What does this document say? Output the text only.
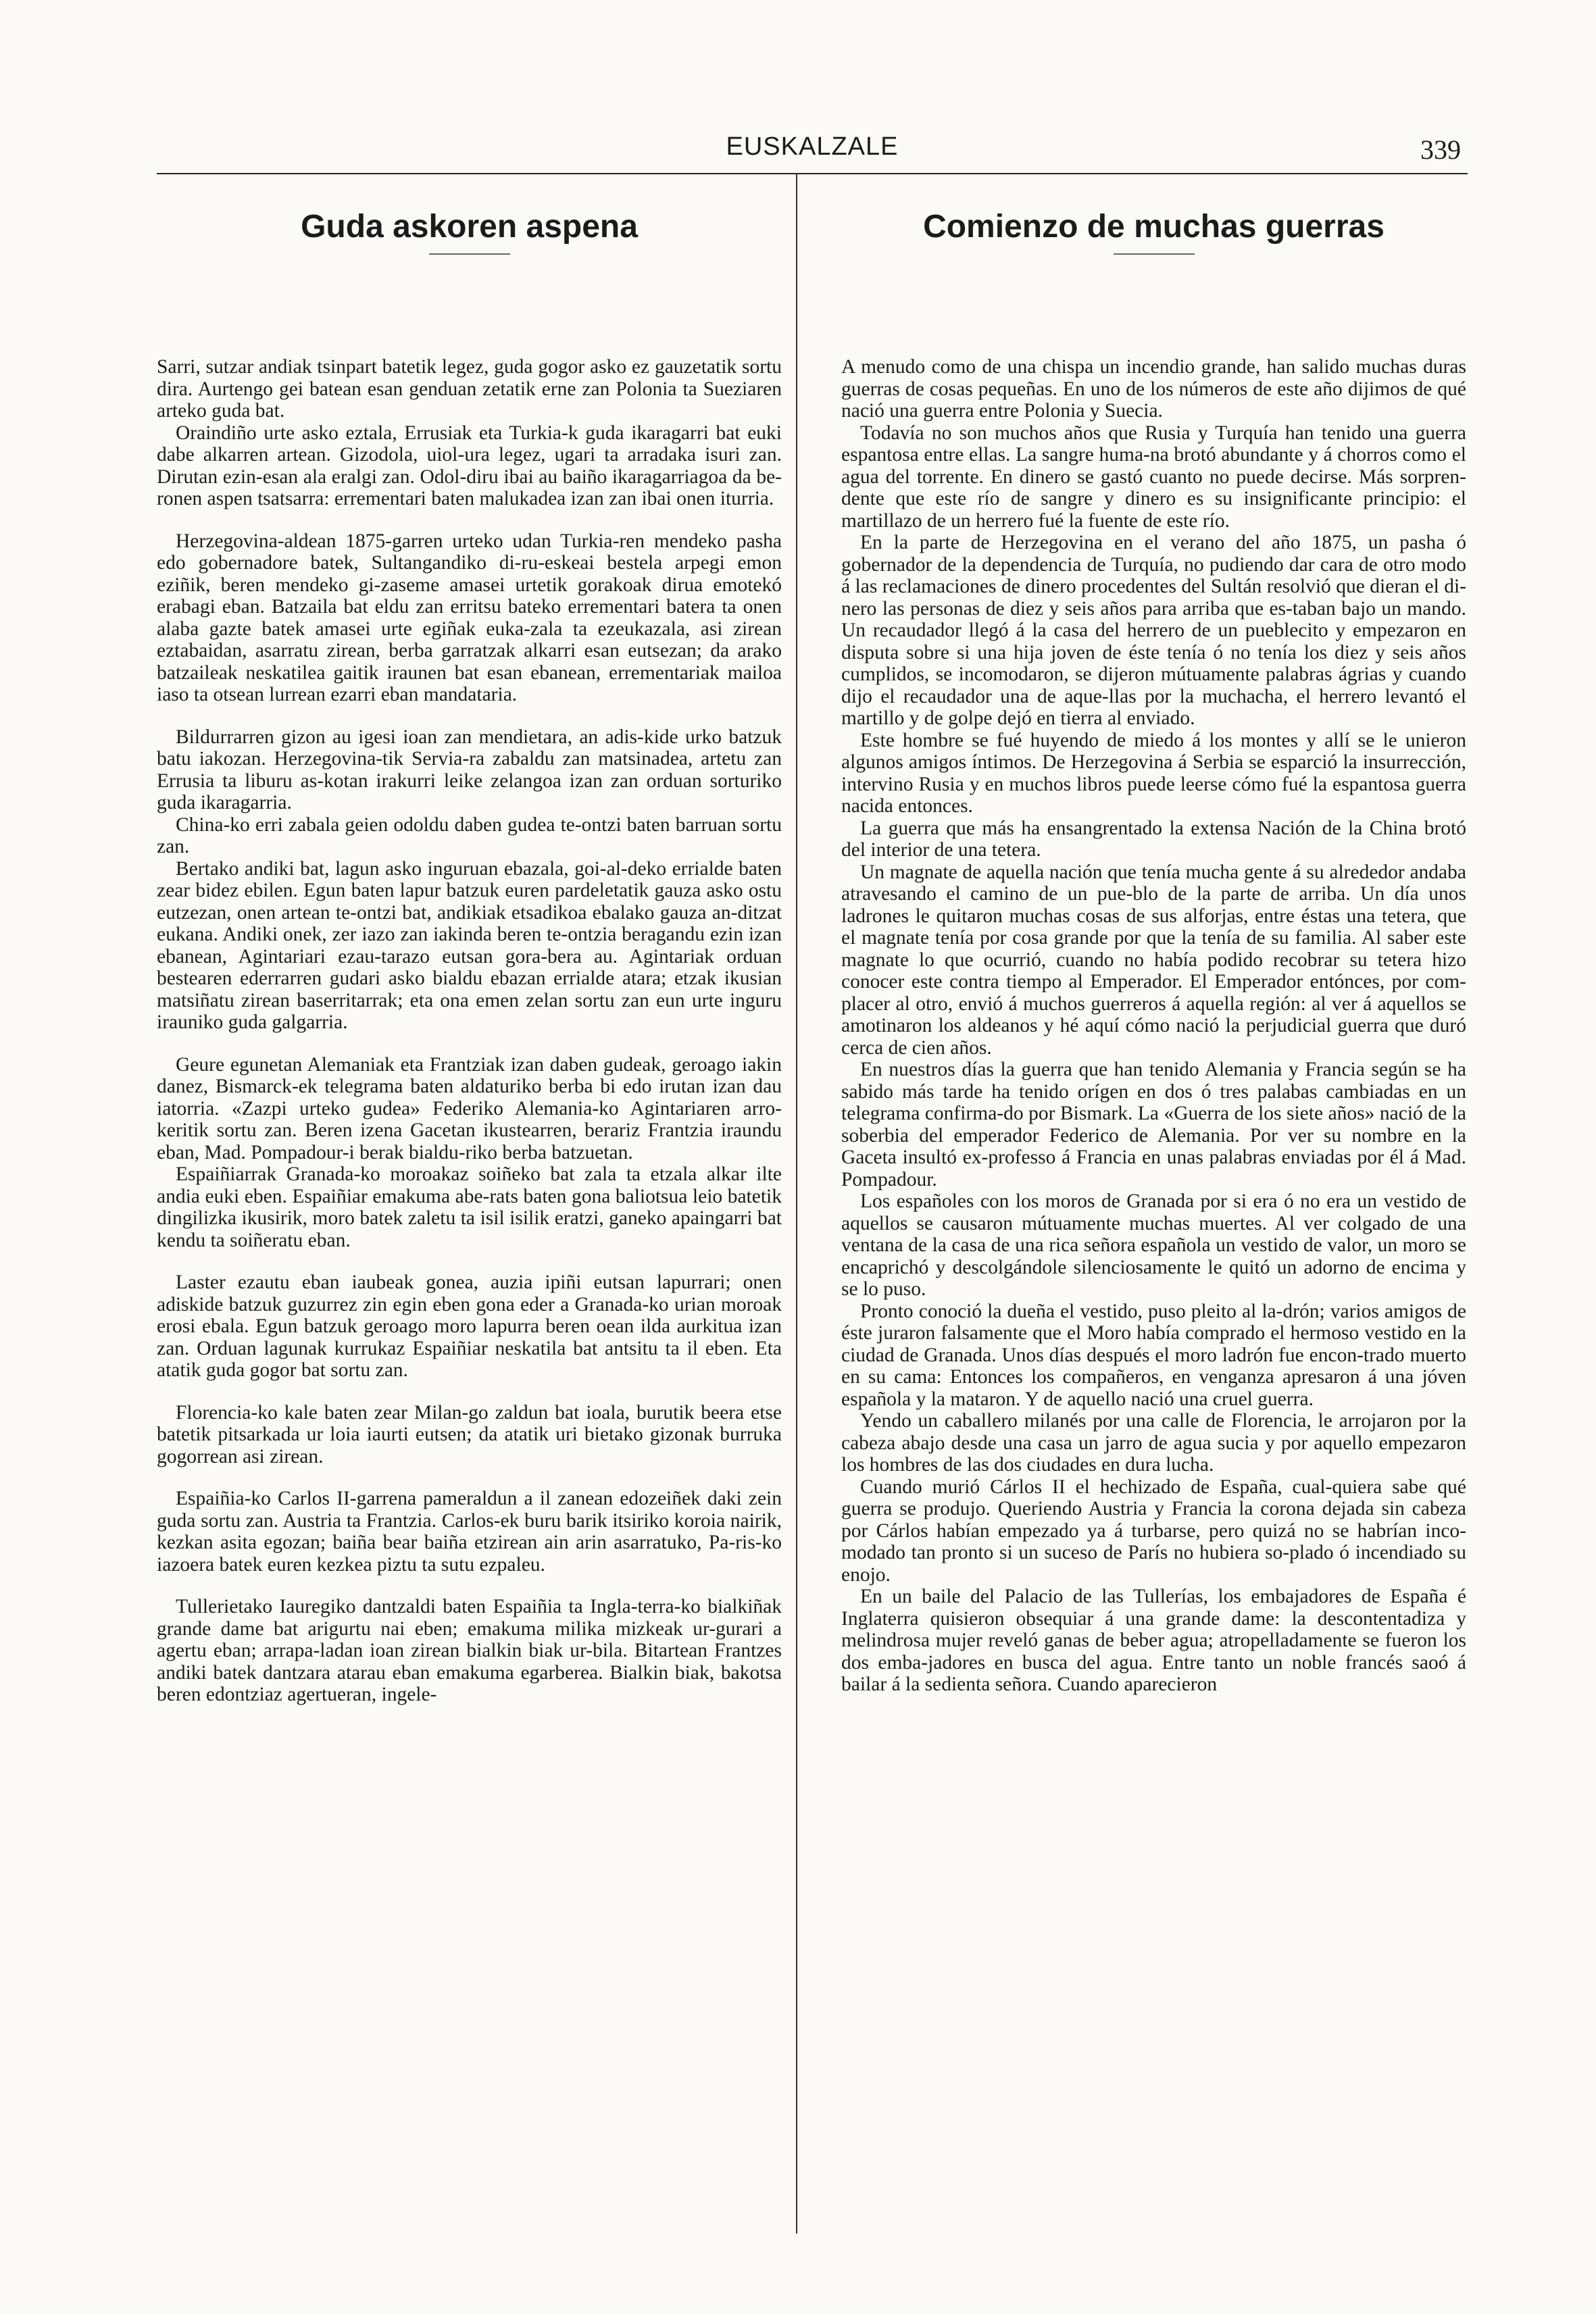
EUSKALZALE	339
Guda askoren aspena

Sarri, sutzar andiak tsinpart batetik legez, guda gogor asko ez gauzetatik sortu dira. Aurtengo gei batean esan genduan zetatik erne zan Polonia ta Sueziaren arteko guda bat.

Oraindiño urte asko eztala, Errusiak eta Turkia-k guda ikaragarri bat euki dabe alkarren artean. Gizodola, uiol-ura legez, ugari ta arradaka isuri zan. Dirutan ezin-esan ala eralgi zan. Odol-diru ibai au baiño ikaragarriagoa da be-ronen aspen tsatsarra: errementari baten malukadea izan zan ibai onen iturria.

Herzegovina-aldean 1875-garren urteko udan Turkia-ren mendeko pasha edo gobernadore batek, Sultangandiko di-ru-eskeai bestela arpegi emon eziñik, beren mendeko gi-zaseme amasei urtetik gorakoak dirua emotekó erabagi eban. Batzaila bat eldu zan erritsu bateko errementari batera ta onen alaba gazte batek amasei urte egiñak euka-zala ta ezeukazala, asi zirean eztabaidan, asarratu zirean, berba garratzak alkarri esan eutsezan; da arako batzaileak neskatilea gaitik iraunen bat esan ebanean, errementariak mailoa iaso ta otsean lurrean ezarri eban mandataria.

Bildurrarren gizon au igesi ioan zan mendietara, an adis-kide urko batzuk batu iakozan. Herzegovina-tik Servia-ra zabaldu zan matsinadea, artetu zan Errusia ta liburu as-kotan irakurri leike zelangoa izan zan orduan sorturiko guda ikaragarria.

China-ko erri zabala geien odoldu daben gudea te-ontzi baten barruan sortu zan.

Bertako andiki bat, lagun asko inguruan ebazala, goi-al-deko errialde baten zear bidez ebilen. Egun baten lapur batzuk euren pardeletatik gauza asko ostu eutzezan, onen artean te-ontzi bat, andikiak etsadikoa ebalako gauza an-ditzat eukana. Andiki onek, zer iazo zan iakinda beren te-ontzia beragandu ezin izan ebanean, Agintariari ezau-tarazo eutsan gora-bera au. Agintariak orduan bestearen ederrarren gudari asko bialdu ebazan errialde atara; etzak ikusian matsiñatu zirean baserritarrak; eta ona emen zelan sortu zan eun urte inguru irauniko guda galgarria.

Geure egunetan Alemaniak eta Frantziak izan daben gudeak, geroago iakin danez, Bismarck-ek telegrama baten aldaturiko berba bi edo irutan izan dau iatorria. «Zazpi urteko gudea» Federiko Alemania-ko Agintariaren arro-keritik sortu zan. Beren izena Gacetan ikustearren, berariz Frantzia iraundu eban, Mad. Pompadour-i berak bialdu-riko berba batzuetan.

Espaiñiarrak Granada-ko moroakaz soiñeko bat zala ta etzala alkar ilte andia euki eben. Espaiñiar emakuma abe-rats baten gona baliotsua leio batetik dingilizka ikusirik, moro batek zaletu ta isil isilik eratzi, ganeko apaingarri bat kendu ta soiñeratu eban.

Laster ezautu eban iaubeak gonea, auzia ipiñi eutsan lapurrari; onen adiskide batzuk guzurrez zin egin eben gona eder a Granada-ko urian moroak erosi ebala. Egun batzuk geroago moro lapurra beren oean ilda aurkitua izan zan. Orduan lagunak kurrukaz Espaiñiar neskatila bat antsitu ta il eben. Eta atatik guda gogor bat sortu zan.

Florencia-ko kale baten zear Milan-go zaldun bat ioala, burutik beera etse batetik pitsarkada ur loia iaurti eutsen; da atatik uri bietako gizonak burruka gogorrean asi zirean.

Espaiñia-ko Carlos II-garrena pameraldun a il zanean edozeiñek daki zein guda sortu zan. Austria ta Frantzia. Carlos-ek buru barik itsiriko koroia nairik, kezkan asita egozan; baiña bear baiña etzirean ain arin asarratuko, Pa-ris-ko iazoera batek euren kezkea piztu ta sutu ezpaleu.

Tullerietako Iauregiko dantzaldi baten Espaiñia ta Ingla-terra-ko bialkiñak grande dame bat arigurtu nai eben; emakuma milika mizkeak ur-gurari a agertu eban; arrapa-ladan ioan zirean bialkin biak ur-bila. Bitartean Frantzes andiki batek dantzara atarau eban emakuma egarberea. Bialkin biak, bakotsa beren edontziaz agertueran, ingele-

Comienzo de muchas guerras

A menudo como de una chispa un incendio grande, han salido muchas duras guerras de cosas pequeñas. En uno de los números de este año dijimos de qué nació una guerra entre Polonia y Suecia.

Todavía no son muchos años que Rusia y Turquía han tenido una guerra espantosa entre ellas. La sangre huma-na brotó abundante y á chorros como el agua del torrente. En dinero se gastó cuanto no puede decirse. Más sorpren-dente que este río de sangre y dinero es su insignificante principio: el martillazo de un herrero fué la fuente de este río.

En la parte de Herzegovina en el verano del año 1875, un pasha ó gobernador de la dependencia de Turquía, no pudiendo dar cara de otro modo á las reclamaciones de dinero procedentes del Sultán resolvió que dieran el di-nero las personas de diez y seis años para arriba que es-taban bajo un mando. Un recaudador llegó á la casa del herrero de un pueblecito y empezaron en disputa sobre si una hija joven de éste tenía ó no tenía los diez y seis años cumplidos, se incomodaron, se dijeron mútuamente palabras ágrias y cuando dijo el recaudador una de aque-llas por la muchacha, el herrero levantó el martillo y de golpe dejó en tierra al enviado.

Este hombre se fué huyendo de miedo á los montes y allí se le unieron algunos amigos íntimos. De Herzegovina á Serbia se esparció la insurrección, intervino Rusia y en muchos libros puede leerse cómo fué la espantosa guerra nacida entonces.

La guerra que más ha ensangrentado la extensa Nación de la China brotó del interior de una tetera.

Un magnate de aquella nación que tenía mucha gente á su alrededor andaba atravesando el camino de un pue-blo de la parte de arriba. Un día unos ladrones le quitaron muchas cosas de sus alforjas, entre éstas una tetera, que el magnate tenía por cosa grande por que la tenía de su familia. Al saber este magnate lo que ocurrió, cuando no había podido recobrar su tetera hizo conocer este contra tiempo al Emperador. El Emperador entónces, por com-placer al otro, envió á muchos guerreros á aquella región: al ver á aquellos se amotinaron los aldeanos y hé aquí cómo nació la perjudicial guerra que duró cerca de cien años.

En nuestros días la guerra que han tenido Alemania y Francia según se ha sabido más tarde ha tenido orígen en dos ó tres palabas cambiadas en un telegrama confirma-do por Bismark. La «Guerra de los siete años» nació de la soberbia del emperador Federico de Alemania. Por ver su nombre en la Gaceta insultó ex-professo á Francia en unas palabras enviadas por él á Mad. Pompadour.

Los españoles con los moros de Granada por si era ó no era un vestido de aquellos se causaron mútuamente muchas muertes. Al ver colgado de una ventana de la casa de una rica señora española un vestido de valor, un moro se encaprichó y descolgándole silenciosamente le quitó un adorno de encima y se lo puso.

Pronto conoció la dueña el vestido, puso pleito al la-drón; varios amigos de éste juraron falsamente que el Moro había comprado el hermoso vestido en la ciudad de Granada. Unos días después el moro ladrón fue encon-trado muerto en su cama: Entonces los compañeros, en venganza apresaron á una jóven española y la mataron. Y de aquello nació una cruel guerra.

Yendo un caballero milanés por una calle de Florencia, le arrojaron por la cabeza abajo desde una casa un jarro de agua sucia y por aquello empezaron los hombres de las dos ciudades en dura lucha.

Cuando murió Cárlos II el hechizado de España, cual-quiera sabe qué guerra se produjo. Queriendo Austria y Francia la corona dejada sin cabeza por Cárlos habían empezado ya á turbarse, pero quizá no se habrían inco-modado tan pronto si un suceso de París no hubiera so-plado ó incendiado su enojo.

En un baile del Palacio de las Tullerías, los embajadores de España é Inglaterra quisieron obsequiar á una grande dame: la descontentadiza y melindrosa mujer reveló ganas de beber agua; atropelladamente se fueron los dos emba-jadores en busca del agua. Entre tanto un noble francés saoó á bailar á la sedienta señora. Cuando aparecieron
